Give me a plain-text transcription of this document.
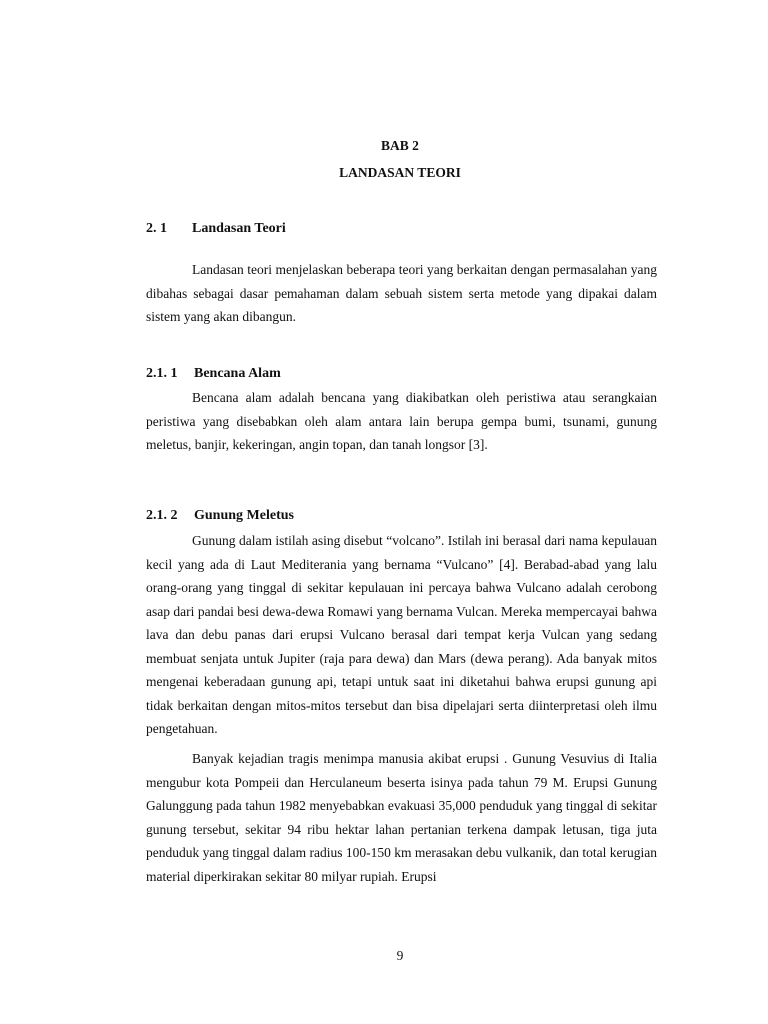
BAB 2
LANDASAN TEORI
2. 1 Landasan Teori

Landasan teori menjelaskan beberapa teori yang berkaitan dengan permasalahan yang dibahas sebagai dasar pemahaman dalam sebuah sistem serta metode yang dipakai dalam sistem yang akan dibangun.

2.1. 1 Bencana Alam

Bencana alam adalah bencana yang diakibatkan oleh peristiwa atau serangkaian peristiwa yang disebabkan oleh alam antara lain berupa gempa bumi, tsunami, gunung meletus, banjir, kekeringan, angin topan, dan tanah longsor [3].

2.1. 2 Gunung Meletus

Gunung dalam istilah asing disebut “volcano”. Istilah ini berasal dari nama kepulauan kecil yang ada di Laut Mediterania yang bernama “Vulcano” [4]. Berabad-abad yang lalu orang-orang yang tinggal di sekitar kepulauan ini percaya bahwa Vulcano adalah cerobong asap dari pandai besi dewa-dewa Romawi yang bernama Vulcan. Mereka mempercayai bahwa lava dan debu panas dari erupsi Vulcano berasal dari tempat kerja Vulcan yang sedang membuat senjata untuk Jupiter (raja para dewa) dan Mars (dewa perang). Ada banyak mitos mengenai keberadaan gunung api, tetapi untuk saat ini diketahui bahwa erupsi gunung api tidak berkaitan dengan mitos-mitos tersebut dan bisa dipelajari serta diinterpretasi oleh ilmu pengetahuan.

Banyak kejadian tragis menimpa manusia akibat erupsi . Gunung Vesuvius di Italia mengubur kota Pompeii dan Herculaneum beserta isinya pada tahun 79 M. Erupsi Gunung Galunggung pada tahun 1982 menyebabkan evakuasi 35,000 penduduk yang tinggal di sekitar gunung tersebut, sekitar 94 ribu hektar lahan pertanian terkena dampak letusan, tiga juta penduduk yang tinggal dalam radius 100-150 km merasakan debu vulkanik, dan total kerugian material diperkirakan sekitar 80 milyar rupiah. Erupsi

9
